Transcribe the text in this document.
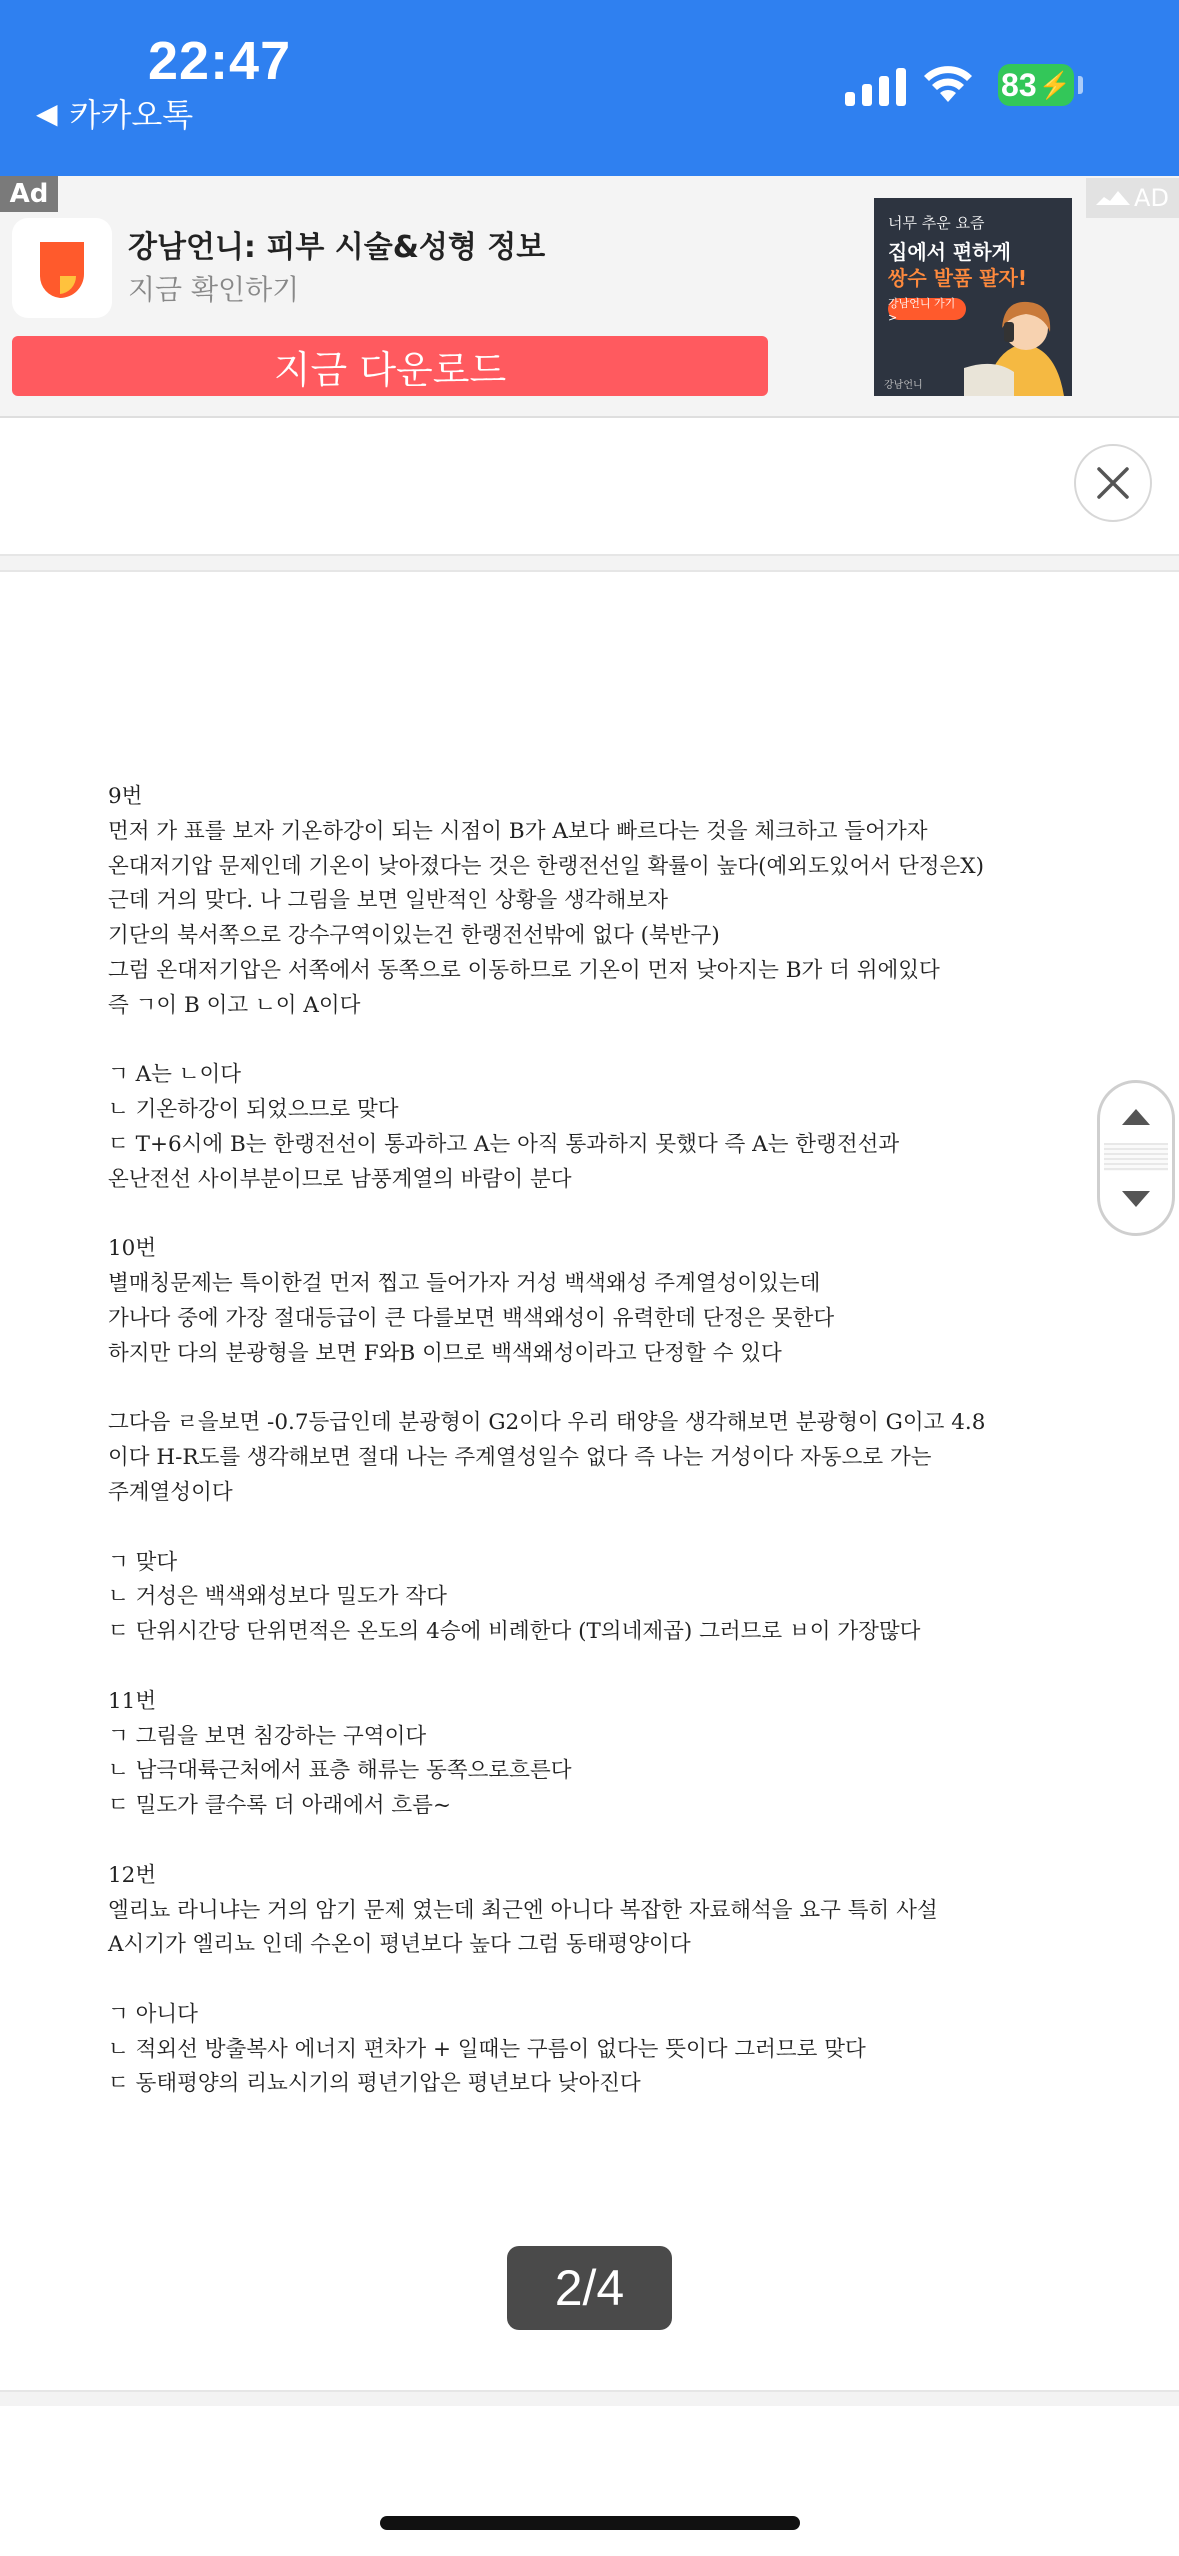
22:47
◀ 카카오톡
83 ⚡
Ad
강남언니: 피부 시술&성형 정보
지금 확인하기
지금 다운로드
너무 추운 요즘
집에서 편하게
쌍수 발품 팔자!
강남언니 가기 >
강남언니
AD
9번
먼저 가 표를 보자 기온하강이 되는 시점이 B가 A보다 빠르다는 것을 체크하고 들어가자
온대저기압 문제인데 기온이 낮아졌다는 것은 한랭전선일 확률이 높다(예외도있어서 단정은X)
근데 거의 맞다. 나 그림을 보면 일반적인 상황을 생각해보자
기단의 북서쪽으로 강수구역이있는건 한랭전선밖에 없다 (북반구)
그럼 온대저기압은 서쪽에서 동쪽으로 이동하므로 기온이 먼저 낮아지는 B가 더 위에있다
즉 ㄱ이 B 이고 ㄴ이 A이다
ㄱ A는 ㄴ이다
ㄴ 기온하강이 되었으므로 맞다
ㄷ T+6시에 B는 한랭전선이 통과하고 A는 아직 통과하지 못했다 즉 A는 한랭전선과
온난전선 사이부분이므로 남풍계열의 바람이 분다
10번
별매칭문제는 특이한걸 먼저 찝고 들어가자 거성 백색왜성 주계열성이있는데
가나다 중에 가장 절대등급이 큰 다를보면 백색왜성이 유력한데 단정은 못한다
하지만 다의 분광형을 보면 F와B 이므로 백색왜성이라고 단정할 수 있다
그다음 ㄹ을보면 -0.7등급인데 분광형이 G2이다 우리 태양을 생각해보면 분광형이 G이고 4.8
이다 H-R도를 생각해보면 절대 나는 주계열성일수 없다 즉 나는 거성이다 자동으로 가는
주계열성이다
ㄱ 맞다
ㄴ 거성은 백색왜성보다 밀도가 작다
ㄷ 단위시간당 단위면적은 온도의 4승에 비례한다 (T의네제곱) 그러므로 ㅂ이 가장많다
11번
ㄱ 그림을 보면 침강하는 구역이다
ㄴ 남극대륙근처에서 표층 해류는 동쪽으로흐른다
ㄷ 밀도가 클수록 더 아래에서 흐름~
12번
엘리뇨 라니냐는 거의 암기 문제 였는데 최근엔 아니다 복잡한 자료해석을 요구 특히 사설
A시기가 엘리뇨 인데 수온이 평년보다 높다 그럼 동태평양이다
ㄱ 아니다
ㄴ 적외선 방출복사 에너지 편차가 + 일때는 구름이 없다는 뜻이다 그러므로 맞다
ㄷ 동태평양의 리뇨시기의 평년기압은 평년보다 낮아진다
2/4
